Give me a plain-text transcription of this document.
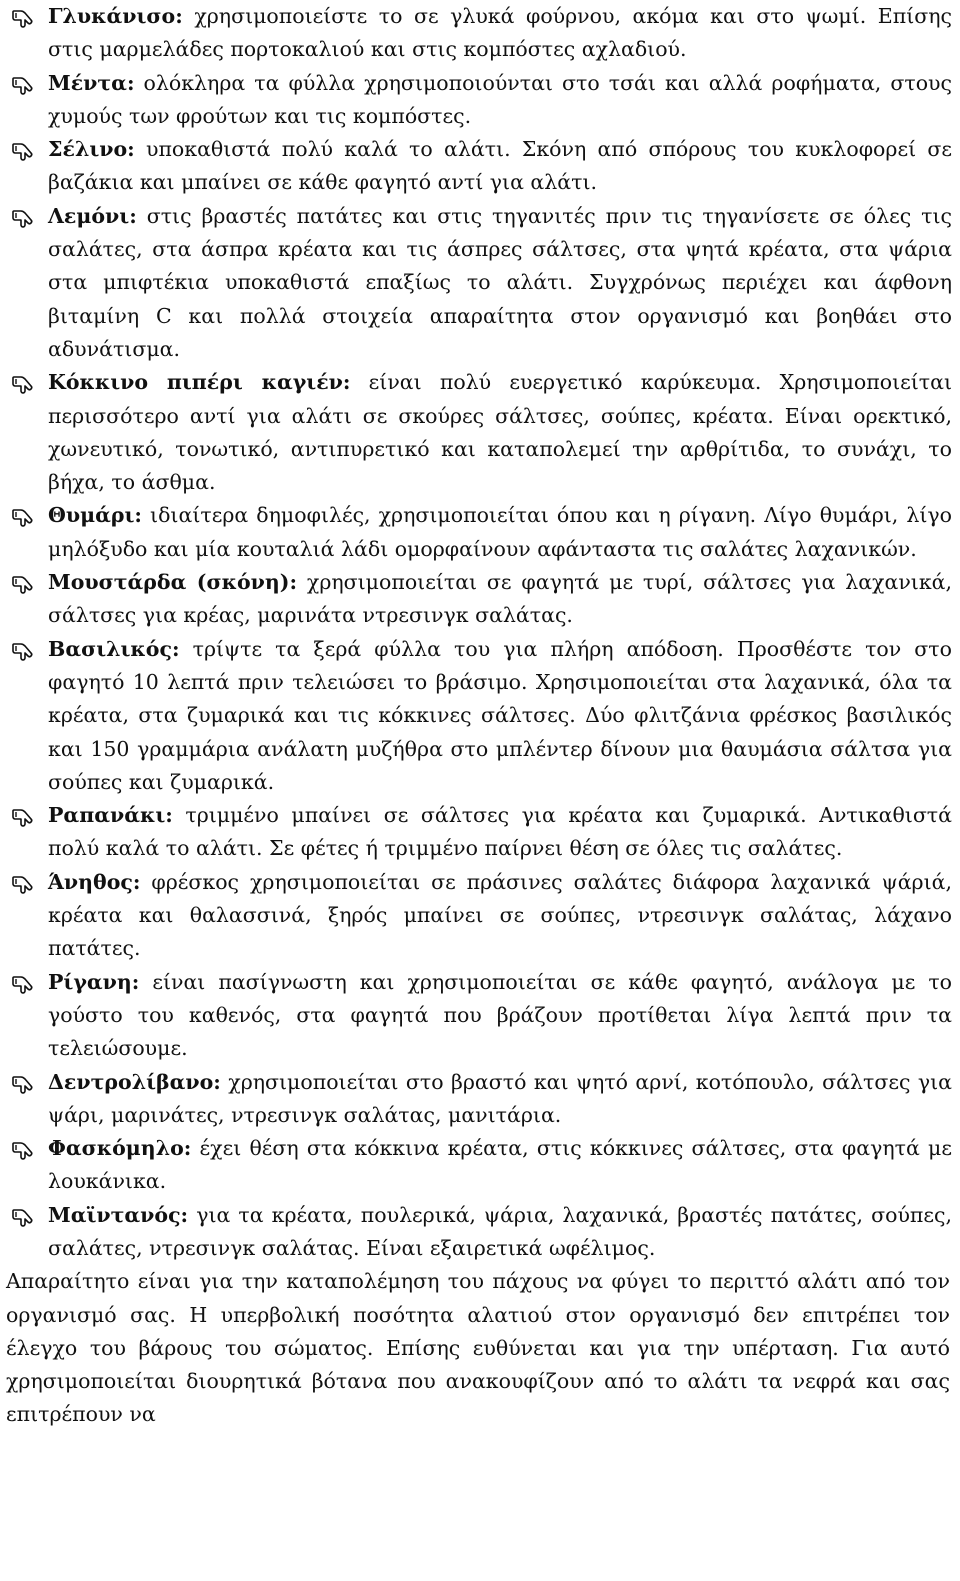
Γλυκάνισο: χρησιμοποιείστε το σε γλυκά φούρνου, ακόμα και στο ψωμί. Επίσης στις μαρμελάδες πορτοκαλιού και στις κομπόστες αχλαδιού.

Μέντα: ολόκληρα τα φύλλα χρησιμοποιούνται στο τσάι και αλλά ροφήματα, στους χυμούς των φρούτων και τις κομπόστες.

Σέλινο: υποκαθιστά πολύ καλά το αλάτι. Σκόνη από σπόρους του κυκλοφορεί σε βαζάκια και μπαίνει σε κάθε φαγητό αντί για αλάτι.

Λεμόνι: στις βραστές πατάτες και στις τηγανιτές πριν τις τηγανίσετε σε όλες τις σαλάτες, στα άσπρα κρέατα και τις άσπρες σάλτσες, στα ψητά κρέατα, στα ψάρια στα μπιφτέκια υποκαθιστά επαξίως το αλάτι. Συγχρόνως περιέχει και άφθονη βιταμίνη C και πολλά στοιχεία απαραίτητα στον οργανισμό και βοηθάει στο αδυνάτισμα.

Κόκκινο πιπέρι καγιέν: είναι πολύ ευεργετικό καρύκευμα. Χρησιμοποιείται περισσότερο αντί για αλάτι σε σκούρες σάλτσες, σούπες, κρέατα. Είναι ορεκτικό, χωνευτικό, τονωτικό, αντιπυρετικό και καταπολεμεί την αρθρίτιδα, το συνάχι, το βήχα, το άσθμα.

Θυμάρι: ιδιαίτερα δημοφιλές, χρησιμοποιείται όπου και η ρίγανη. Λίγο θυμάρι, λίγο μηλόξυδο και μία κουταλιά λάδι ομορφαίνουν αφάνταστα τις σαλάτες λαχανικών.

Μουστάρδα (σκόνη): χρησιμοποιείται σε φαγητά με τυρί, σάλτσες για λαχανικά, σάλτσες για κρέας, μαρινάτα ντρεσινγκ σαλάτας.

Βασιλικός: τρίψτε τα ξερά φύλλα του για πλήρη απόδοση. Προσθέστε τον στο φαγητό 10 λεπτά πριν τελειώσει το βράσιμο. Χρησιμοποιείται στα λαχανικά, όλα τα κρέατα, στα ζυμαρικά και τις κόκκινες σάλτσες. Δύο φλιτζάνια φρέσκος βασιλικός και 150 γραμμάρια ανάλατη μυζήθρα στο μπλέντερ δίνουν μια θαυμάσια σάλτσα για σούπες και ζυμαρικά.

Ραπανάκι: τριμμένο μπαίνει σε σάλτσες για κρέατα και ζυμαρικά. Αντικαθιστά πολύ καλά το αλάτι. Σε φέτες ή τριμμένο παίρνει θέση σε όλες τις σαλάτες.

Άνηθος: φρέσκος χρησιμοποιείται σε πράσινες σαλάτες διάφορα λαχανικά ψάριά, κρέατα και θαλασσινά, ξηρός μπαίνει σε σούπες, ντρεσινγκ σαλάτας, λάχανο πατάτες.

Ρίγανη: είναι πασίγνωστη και χρησιμοποιείται σε κάθε φαγητό, ανάλογα με το γούστο του καθενός, στα φαγητά που βράζουν προτίθεται λίγα λεπτά πριν τα τελειώσουμε.

Δεντρολίβανο: χρησιμοποιείται στο βραστό και ψητό αρνί, κοτόπουλο, σάλτσες για ψάρι, μαρινάτες, ντρεσινγκ σαλάτας, μανιτάρια.

Φασκόμηλο: έχει θέση στα κόκκινα κρέατα, στις κόκκινες σάλτσες, στα φαγητά με λουκάνικα.

Μαϊντανός: για τα κρέατα, πουλερικά, ψάρια, λαχανικά, βραστές πατάτες, σούπες, σαλάτες, ντρεσινγκ σαλάτας. Είναι εξαιρετικά ωφέλιμος.

Απαραίτητο είναι για την καταπολέμηση του πάχους να φύγει το περιττό αλάτι από τον οργανισμό σας. Η υπερβολική ποσότητα αλατιού στον οργανισμό δεν επιτρέπει τον έλεγχο του βάρους του σώματος. Επίσης ευθύνεται και για την υπέρταση. Για αυτό χρησιμοποιείται διουρητικά βότανα που ανακουφίζουν από το αλάτι τα νεφρά και σας επιτρέπουν να
